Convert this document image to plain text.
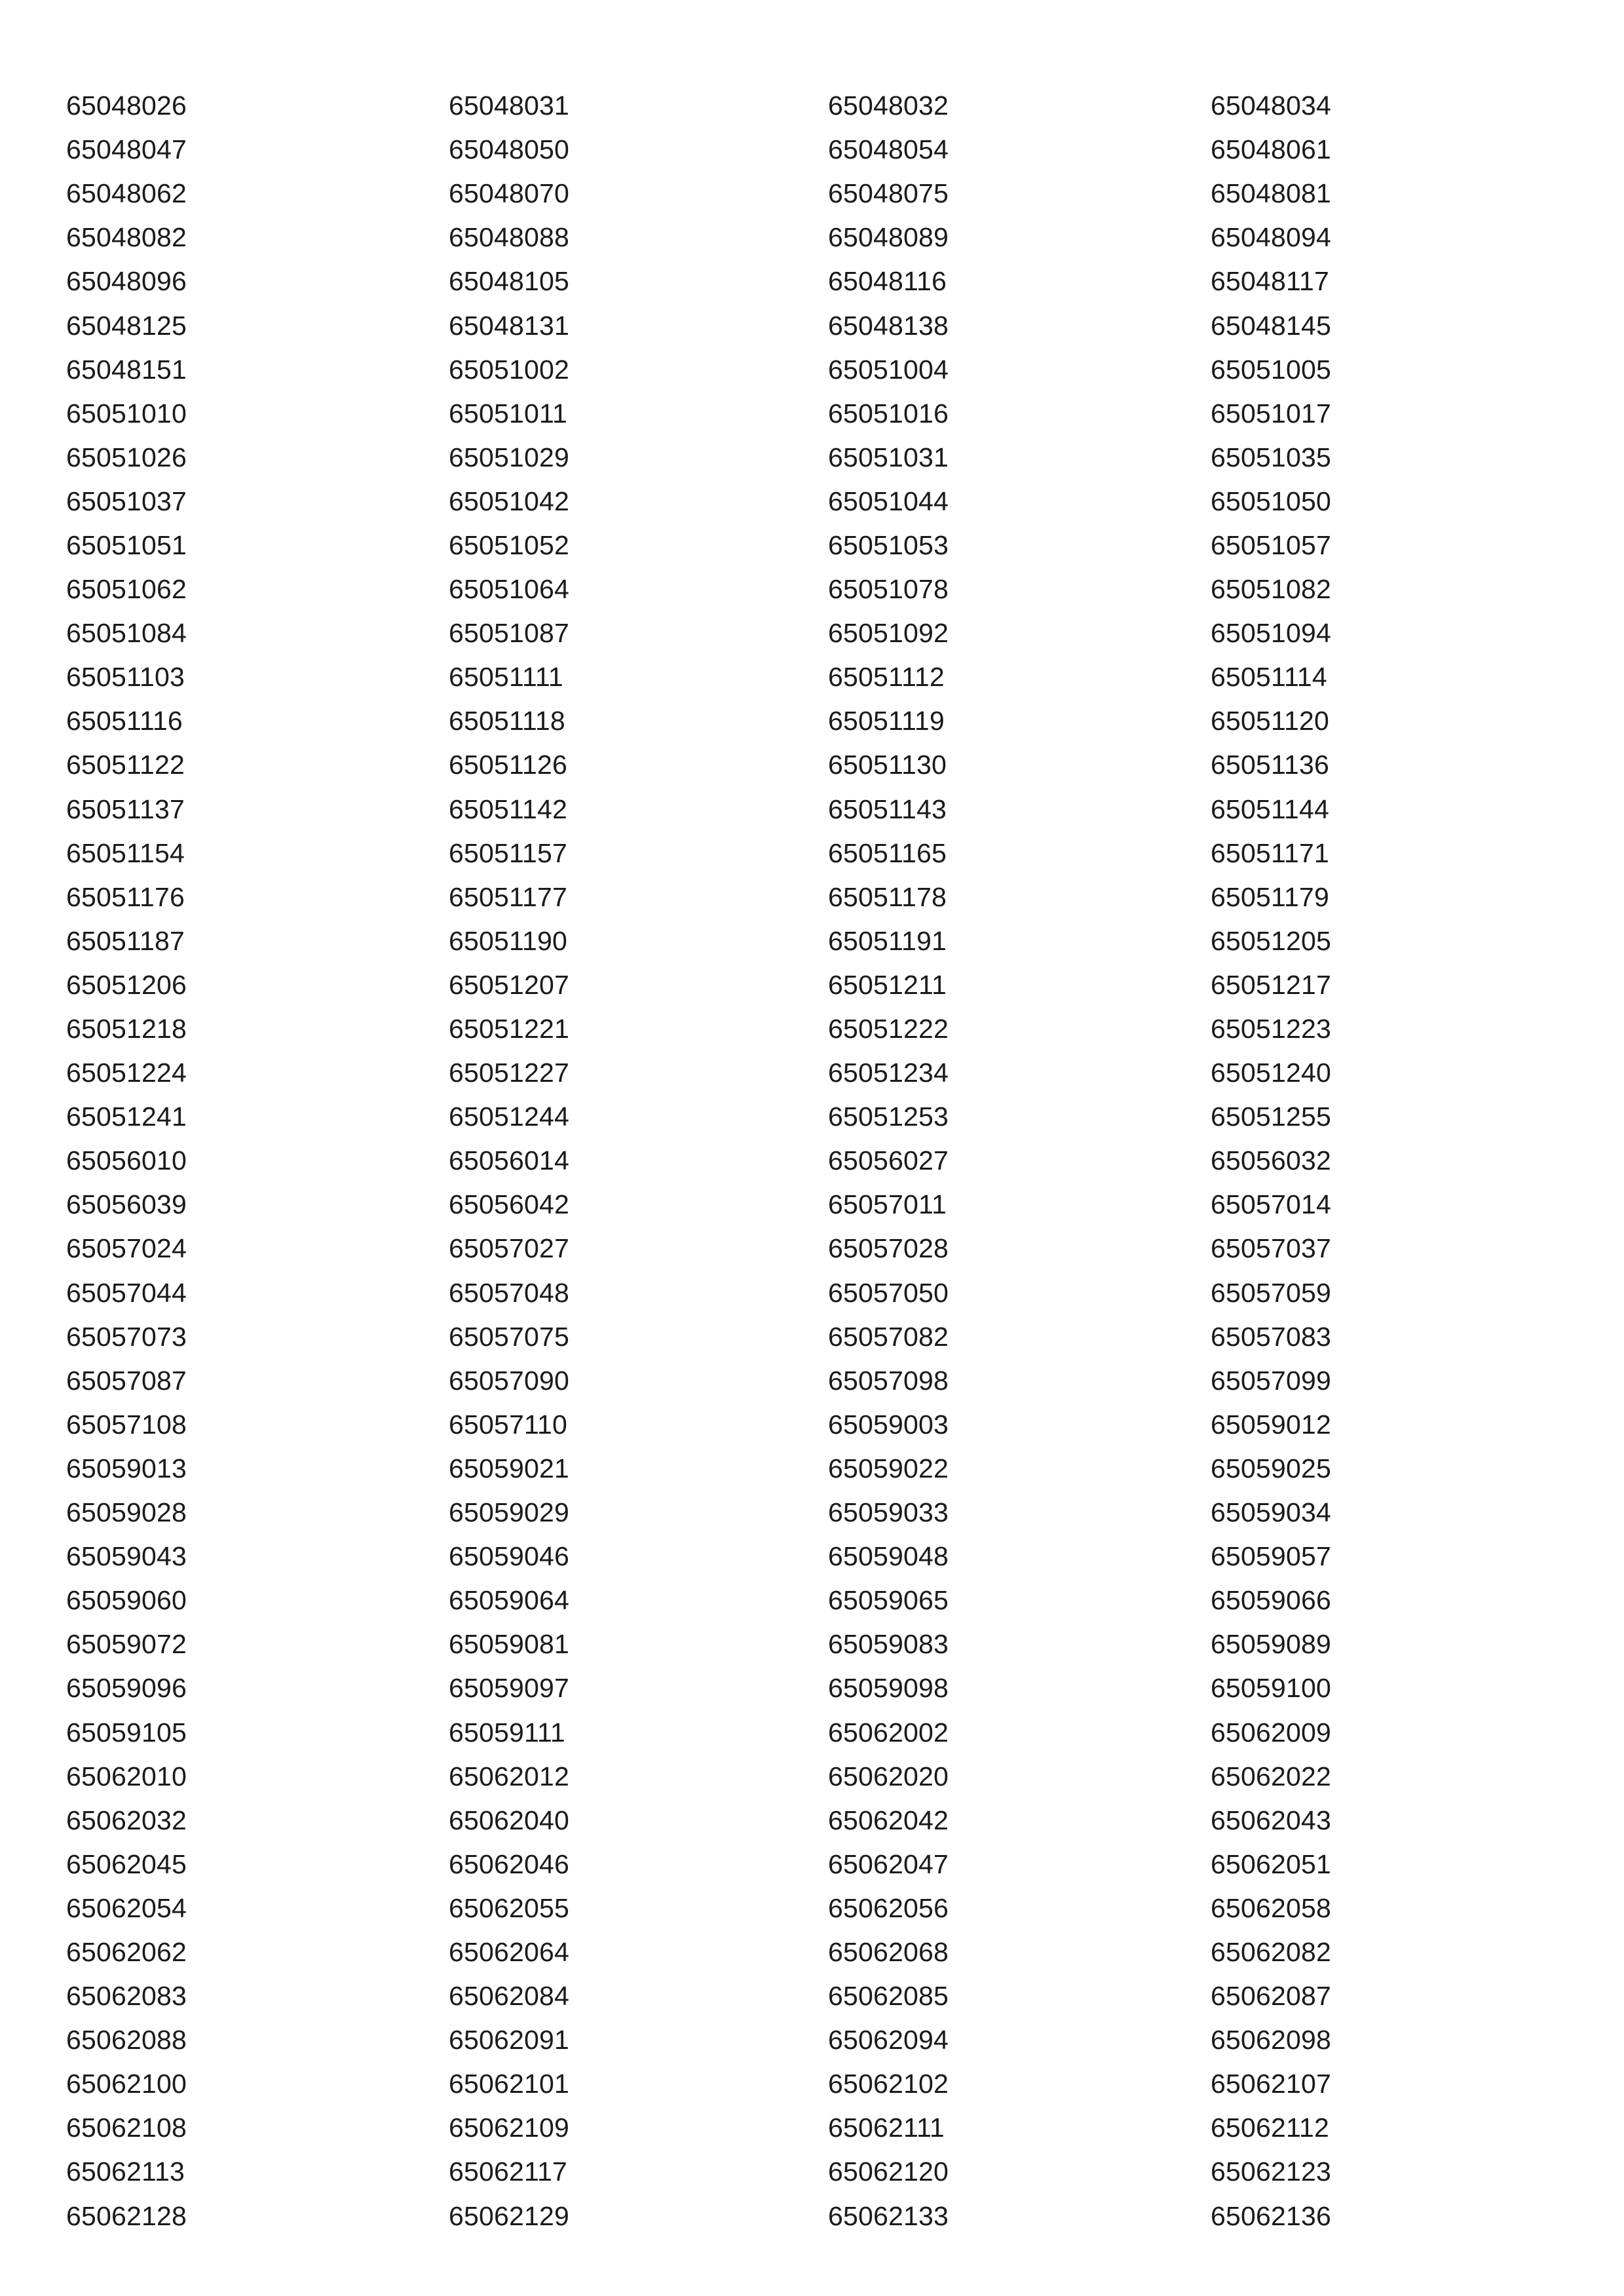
65048026	65048031	65048032	65048034
65048047	65048050	65048054	65048061
65048062	65048070	65048075	65048081
65048082	65048088	65048089	65048094
65048096	65048105	65048116	65048117
65048125	65048131	65048138	65048145
65048151	65051002	65051004	65051005
65051010	65051011	65051016	65051017
65051026	65051029	65051031	65051035
65051037	65051042	65051044	65051050
65051051	65051052	65051053	65051057
65051062	65051064	65051078	65051082
65051084	65051087	65051092	65051094
65051103	65051111	65051112	65051114
65051116	65051118	65051119	65051120
65051122	65051126	65051130	65051136
65051137	65051142	65051143	65051144
65051154	65051157	65051165	65051171
65051176	65051177	65051178	65051179
65051187	65051190	65051191	65051205
65051206	65051207	65051211	65051217
65051218	65051221	65051222	65051223
65051224	65051227	65051234	65051240
65051241	65051244	65051253	65051255
65056010	65056014	65056027	65056032
65056039	65056042	65057011	65057014
65057024	65057027	65057028	65057037
65057044	65057048	65057050	65057059
65057073	65057075	65057082	65057083
65057087	65057090	65057098	65057099
65057108	65057110	65059003	65059012
65059013	65059021	65059022	65059025
65059028	65059029	65059033	65059034
65059043	65059046	65059048	65059057
65059060	65059064	65059065	65059066
65059072	65059081	65059083	65059089
65059096	65059097	65059098	65059100
65059105	65059111	65062002	65062009
65062010	65062012	65062020	65062022
65062032	65062040	65062042	65062043
65062045	65062046	65062047	65062051
65062054	65062055	65062056	65062058
65062062	65062064	65062068	65062082
65062083	65062084	65062085	65062087
65062088	65062091	65062094	65062098
65062100	65062101	65062102	65062107
65062108	65062109	65062111	65062112
65062113	65062117	65062120	65062123
65062128	65062129	65062133	65062136
